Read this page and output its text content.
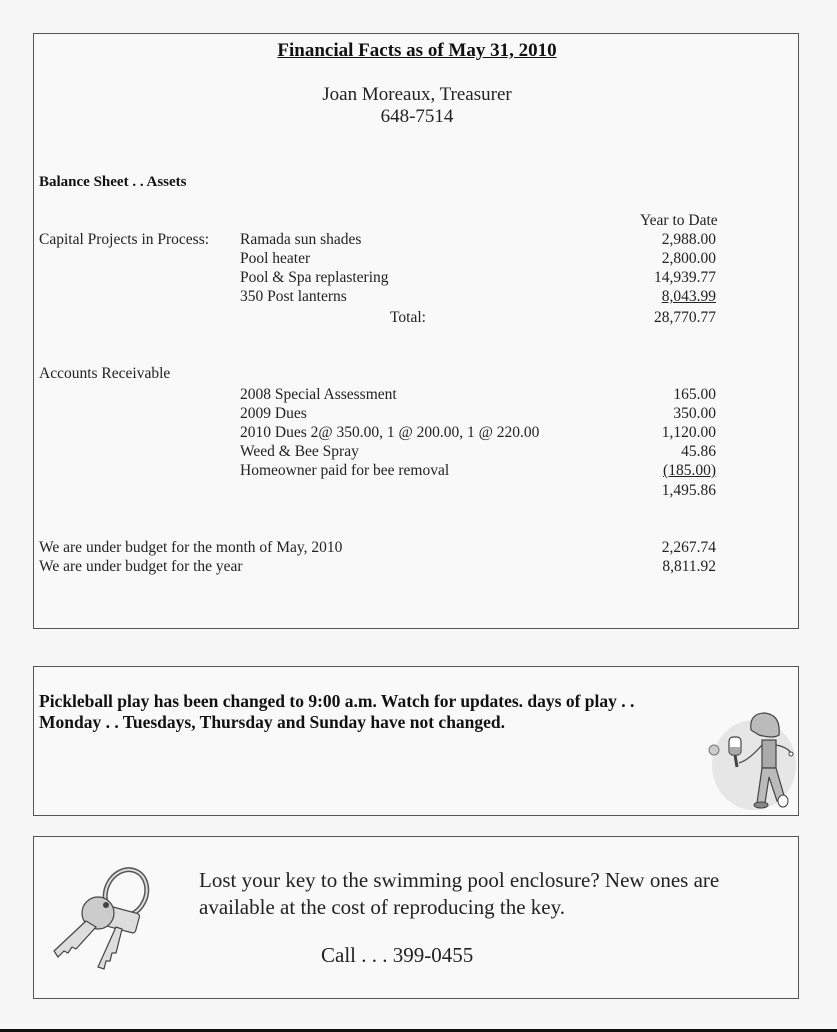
Financial Facts as of May 31, 2010
Joan Moreaux, Treasurer
648-7514
Balance Sheet . . Assets
Year to Date
Capital Projects in Process: Ramada sun shades	2,988.00
Pool heater	2,800.00
Pool & Spa replastering	14,939.77
350 Post lanterns	8,043.99
Total:	28,770.77
Accounts Receivable
2008 Special Assessment	165.00
2009 Dues	350.00
2010 Dues 2@ 350.00, 1 @ 200.00, 1 @ 220.00	1,120.00
Weed & Bee Spray	45.86
Homeowner paid for bee removal	(185.00)
1,495.86
We are under budget for the month of May, 2010	2,267.74
We are under budget for the year	8,811.92
Pickleball play has been changed to 9:00 a.m. Watch for updates. days of play . . Monday . . Tuesdays, Thursday and Sunday have not changed.
Lost your key to the swimming pool enclosure? New ones are available at the cost of reproducing the key.
Call . . . 399-0455
